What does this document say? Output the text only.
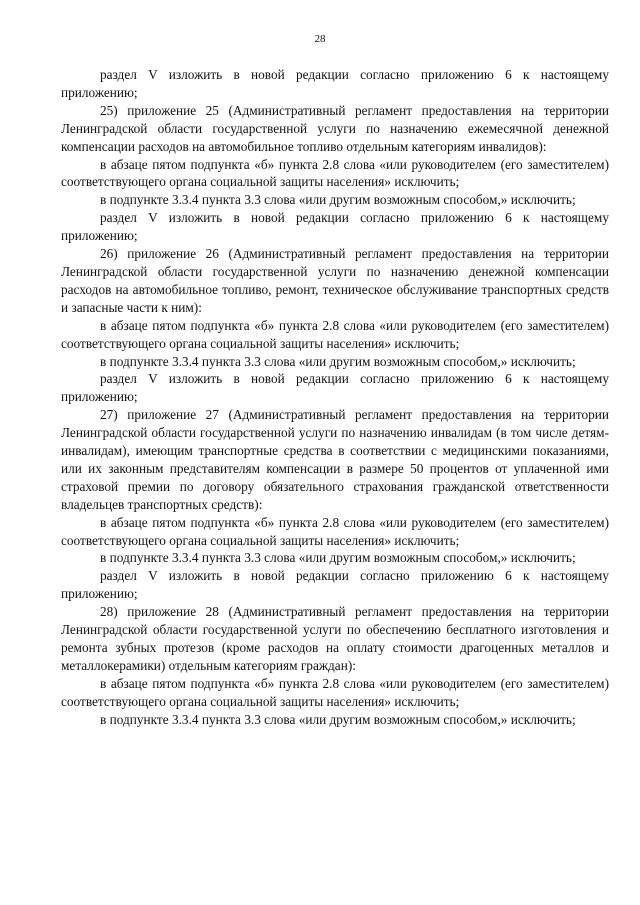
28

раздел V изложить в новой редакции согласно приложению 6 к настоящему приложению;

25) приложение 25 (Административный регламент предоставления на территории Ленинградской области государственной услуги по назначению ежемесячной денежной компенсации расходов на автомобильное топливо отдельным категориям инвалидов):

в абзаце пятом подпункта «б» пункта 2.8 слова «или руководителем (его заместителем) соответствующего органа социальной защиты населения» исключить;

в подпункте 3.3.4 пункта 3.3 слова «или другим возможным способом,» исключить;

раздел V изложить в новой редакции согласно приложению 6 к настоящему приложению;

26) приложение 26 (Административный регламент предоставления на территории Ленинградской области государственной услуги по назначению денежной компенсации расходов на автомобильное топливо, ремонт, техническое обслуживание транспортных средств и запасные части к ним):

в абзаце пятом подпункта «б» пункта 2.8 слова «или руководителем (его заместителем) соответствующего органа социальной защиты населения» исключить;

в подпункте 3.3.4 пункта 3.3 слова «или другим возможным способом,» исключить;

раздел V изложить в новой редакции согласно приложению 6 к настоящему приложению;

27) приложение 27 (Административный регламент предоставления на территории Ленинградской области государственной услуги по назначению инвалидам (в том числе детям-инвалидам), имеющим транспортные средства в соответствии с медицинскими показаниями, или их законным представителям компенсации в размере 50 процентов от уплаченной ими страховой премии по договору обязательного страхования гражданской ответственности владельцев транспортных средств):

в абзаце пятом подпункта «б» пункта 2.8 слова «или руководителем (его заместителем) соответствующего органа социальной защиты населения» исключить;

в подпункте 3.3.4 пункта 3.3 слова «или другим возможным способом,» исключить;

раздел V изложить в новой редакции согласно приложению 6 к настоящему приложению;

28) приложение 28 (Административный регламент предоставления на территории Ленинградской области государственной услуги по обеспечению бесплатного изготовления и ремонта зубных протезов (кроме расходов на оплату стоимости драгоценных металлов и металлокерамики) отдельным категориям граждан):

в абзаце пятом подпункта «б» пункта 2.8 слова «или руководителем (его заместителем) соответствующего органа социальной защиты населения» исключить;

в подпункте 3.3.4 пункта 3.3 слова «или другим возможным способом,» исключить;
